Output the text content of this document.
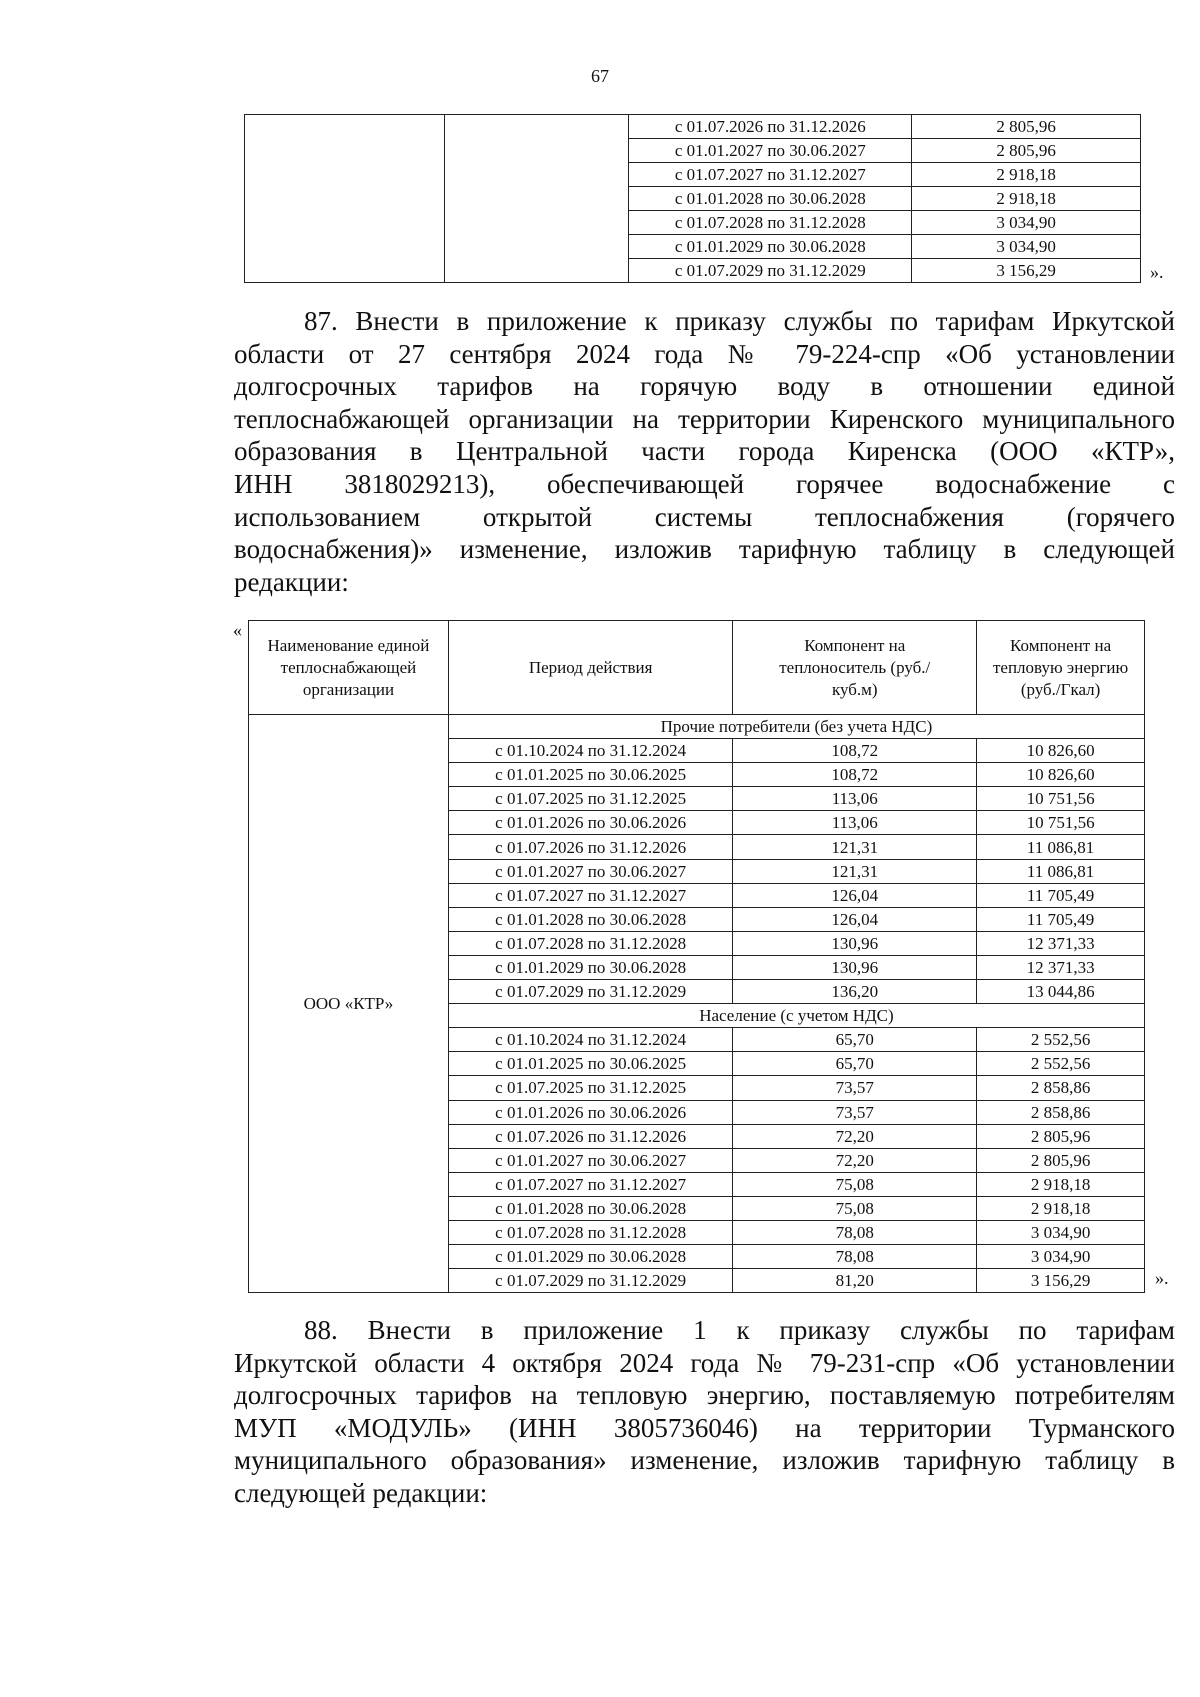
67
		с 01.07.2026 по 31.12.2026	2 805,96
		с 01.01.2027 по 30.06.2027	2 805,96
		с 01.07.2027 по 31.12.2027	2 918,18
		с 01.01.2028 по 30.06.2028	2 918,18
		с 01.07.2028 по 31.12.2028	3 034,90
		с 01.01.2029 по 30.06.2028	3 034,90
		с 01.07.2029 по 31.12.2029	3 156,29	».
87. Внести в приложение к приказу службы по тарифам Иркутской
области от 27 сентября 2024 года № 79-224-спр «Об установлении
долгосрочных тарифов на горячую воду в отношении единой
теплоснабжающей организации на территории Киренского муниципального
образования в Центральной части города Киренска (ООО «КТР»,
ИНН 3818029213), обеспечивающей горячее водоснабжение с
использованием открытой системы теплоснабжения (горячего
водоснабжения)» изменение, изложив тарифную таблицу в следующей
редакции:
«
Наименование единой теплоснабжающей организации	Период действия	Компонент на теплоноситель (руб./куб.м)	Компонент на тепловую энергию (руб./Гкал)
ООО «КТР»	Прочие потребители (без учета НДС)		
	с 01.10.2024 по 31.12.2024	108,72	10 826,60
	с 01.01.2025 по 30.06.2025	108,72	10 826,60
	с 01.07.2025 по 31.12.2025	113,06	10 751,56
	с 01.01.2026 по 30.06.2026	113,06	10 751,56
	с 01.07.2026 по 31.12.2026	121,31	11 086,81
	с 01.01.2027 по 30.06.2027	121,31	11 086,81
	с 01.07.2027 по 31.12.2027	126,04	11 705,49
	с 01.01.2028 по 30.06.2028	126,04	11 705,49
	с 01.07.2028 по 31.12.2028	130,96	12 371,33
	с 01.01.2029 по 30.06.2028	130,96	12 371,33
	с 01.07.2029 по 31.12.2029	136,20	13 044,86
	Население (с учетом НДС)		
	с 01.10.2024 по 31.12.2024	65,70	2 552,56
	с 01.01.2025 по 30.06.2025	65,70	2 552,56
	с 01.07.2025 по 31.12.2025	73,57	2 858,86
	с 01.01.2026 по 30.06.2026	73,57	2 858,86
	с 01.07.2026 по 31.12.2026	72,20	2 805,96
	с 01.01.2027 по 30.06.2027	72,20	2 805,96
	с 01.07.2027 по 31.12.2027	75,08	2 918,18
	с 01.01.2028 по 30.06.2028	75,08	2 918,18
	с 01.07.2028 по 31.12.2028	78,08	3 034,90
	с 01.01.2029 по 30.06.2028	78,08	3 034,90
	с 01.07.2029 по 31.12.2029	81,20	3 156,29	».
88. Внести в приложение 1 к приказу службы по тарифам
Иркутской области 4 октября 2024 года № 79-231-спр «Об установлении
долгосрочных тарифов на тепловую энергию, поставляемую потребителям
МУП «МОДУЛЬ» (ИНН 3805736046) на территории Турманского
муниципального образования» изменение, изложив тарифную таблицу в
следующей редакции:
